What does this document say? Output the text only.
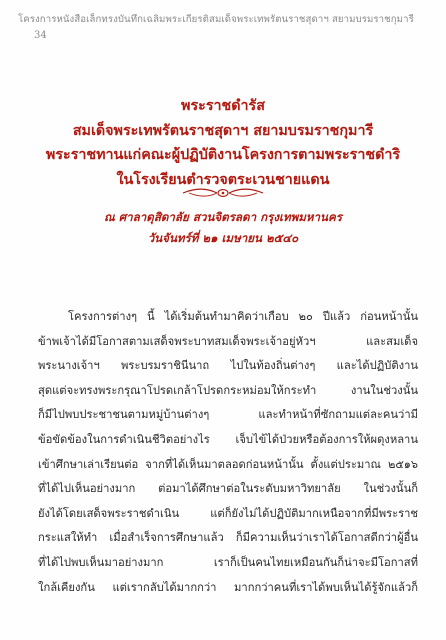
โครงการหนังสือเล็กทรงบันทึกเฉลิมพระเกียรติสมเด็จพระเทพรัตนราชสุดาฯ สยามบรมราชกุมารี
34
พระราชดำรัส
สมเด็จพระเทพรัตนราชสุดาฯ สยามบรมราชกุมารี
พระราชทานแก่คณะผู้ปฏิบัติงานโครงการตามพระราชดำริ
ในโรงเรียนตำรวจตระเวนชายแดน
ณ ศาลาดุสิดาลัย สวนจิตรลดา กรุงเทพมหานคร
วันจันทร์ที่ ๒๑ เมษายน ๒๕๔๐
โครงการต่างๆ นี้ ได้เริ่มต้นทำมาคิดว่าเกือบ ๒๐ ปีแล้ว ก่อนหน้านั้น
ข้าพเจ้าได้มีโอกาสตามเสด็จพระบาทสมเด็จพระเจ้าอยู่หัวฯ และสมเด็จ
พระนางเจ้าฯ พระบรมราชินีนาถ ไปในท้องถิ่นต่างๆ และได้ปฏิบัติงาน
สุดแต่จะทรงพระกรุณาโปรดเกล้าโปรดกระหม่อมให้กระทำ งานในช่วงนั้น
ก็มีไปพบประชาชนตามหมู่บ้านต่างๆ และทำหน้าที่ซักถามแต่ละคนว่ามี
ข้อขัดข้องในการดำเนินชีวิตอย่างไร เจ็บไข้ได้ป่วยหรือต้องการให้ผดุงหลาน
เข้าศึกษาเล่าเรียนต่อ จากที่ได้เห็นมาตลอดก่อนหน้านั้น ตั้งแต่ประมาณ ๒๕๑๖
ที่ได้ไปเห็นอย่างมาก ต่อมาได้ศึกษาต่อในระดับมหาวิทยาลัย ในช่วงนั้นก็
ยังได้โดยเสด็จพระราชดำเนิน แต่ก็ยังไม่ได้ปฏิบัติมากเหนือจากที่มีพระราช
กระแสให้ทำ เมื่อสำเร็จการศึกษาแล้ว ก็มีความเห็นว่าเราได้โอกาสดีกว่าผู้อื่น
ที่ได้ไปพบเห็นมาอย่างมาก เราก็เป็นคนไทยเหมือนกันก็น่าจะมีโอกาสที่
ใกล้เคียงกัน แต่เรากลับได้มากกว่า มากกว่าคนที่เราได้พบเห็นได้รู้จักแล้วก็
